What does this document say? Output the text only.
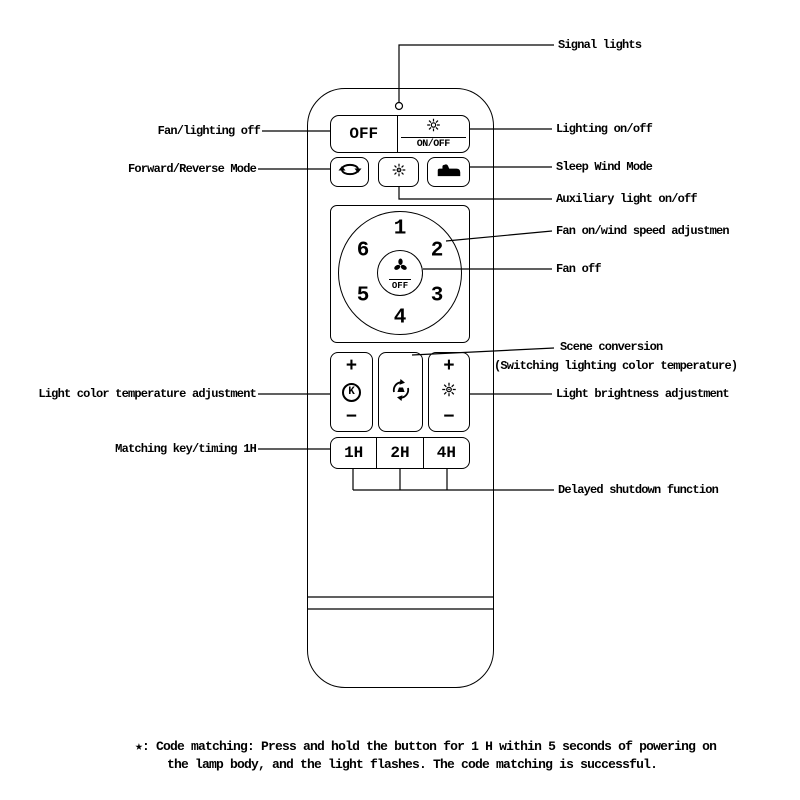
OFF
ON/OFF
1
2
3
4
5
6
OFF
+
K
−
+
−
1H	2H	4H
Signal lights
Fan/lighting off	Lighting on/off
Forward/Reverse Mode	Sleep Wind Mode
Auxiliary light on/off
Fan on/wind speed adjustmen
Fan off
Scene conversion
(Switching lighting color temperature)
Light color temperature adjustment	Light brightness adjustment
Matching key/timing 1H
Delayed shutdown function
★: Code matching: Press and hold the button for 1 H within 5 seconds of powering on
the lamp body, and the light flashes. The code matching is successful.
